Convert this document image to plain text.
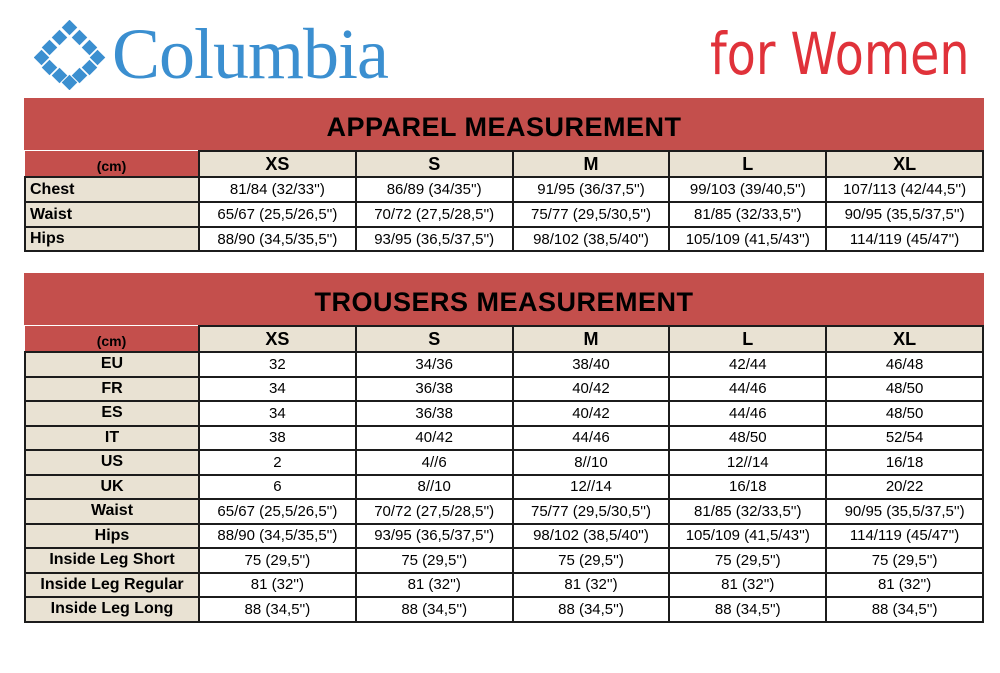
Columbia	for Women
APPAREL MEASUREMENT
(cm)	XS	S	M	L	XL
Chest	81/84 (32/33'')	86/89 (34/35'')	91/95 (36/37,5'')	99/103 (39/40,5'')	107/113 (42/44,5'')
Waist	65/67 (25,5/26,5'')	70/72 (27,5/28,5'')	75/77 (29,5/30,5'')	81/85 (32/33,5'')	90/95 (35,5/37,5'')
Hips	88/90 (34,5/35,5'')	93/95 (36,5/37,5'')	98/102 (38,5/40'')	105/109 (41,5/43'')	114/119 (45/47'')
TROUSERS MEASUREMENT
(cm)	XS	S	M	L	XL
EU	32	34/36	38/40	42/44	46/48
FR	34	36/38	40/42	44/46	48/50
ES	34	36/38	40/42	44/46	48/50
IT	38	40/42	44/46	48/50	52/54
US	2	4//6	8//10	12//14	16/18
UK	6	8//10	12//14	16/18	20/22
Waist	65/67 (25,5/26,5'')	70/72 (27,5/28,5'')	75/77 (29,5/30,5'')	81/85 (32/33,5'')	90/95 (35,5/37,5'')
Hips	88/90 (34,5/35,5'')	93/95 (36,5/37,5'')	98/102 (38,5/40'')	105/109 (41,5/43'')	114/119 (45/47'')
Inside Leg Short	75 (29,5'')	75 (29,5'')	75 (29,5'')	75 (29,5'')	75 (29,5'')
Inside Leg Regular	81 (32'')	81 (32'')	81 (32'')	81 (32'')	81 (32'')
Inside Leg Long	88 (34,5'')	88 (34,5'')	88 (34,5'')	88 (34,5'')	88 (34,5'')
